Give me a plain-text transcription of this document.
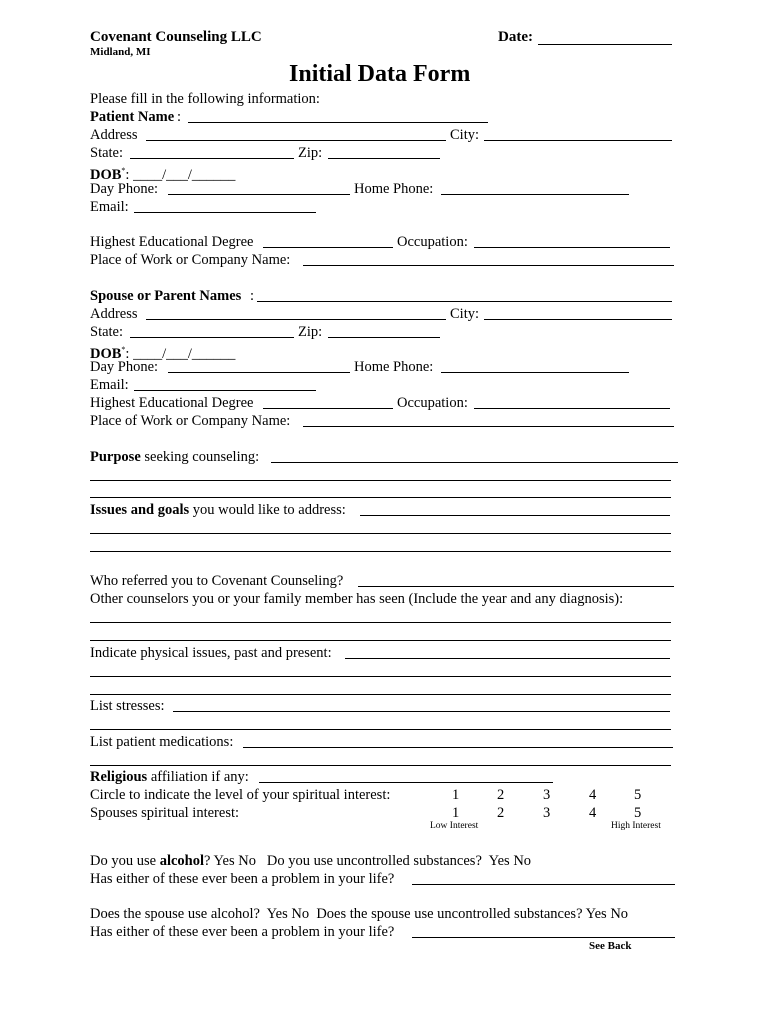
Covenant Counseling LLC
Midland, MI
Date:
Initial Data Form
Please fill in the following information:
Patient Name :
Address	City:
State:	Zip:
DOB*: ____/___/______
Day Phone:	Home Phone:
Email:
Highest Educational Degree	Occupation:
Place of Work or Company Name:
Spouse or Parent Names :
Address	City:
State:	Zip:
DOB*: ____/___/______
Day Phone:	Home Phone:
Email:
Highest Educational Degree	Occupation:
Place of Work or Company Name:
Purpose seeking counseling:
Issues and goals you would like to address:
Who referred you to Covenant Counseling?
Other counselors you or your family member has seen (Include the year and any diagnosis):
Indicate physical issues, past and present:
List stresses:
List patient medications:
Religious affiliation if any:
Circle to indicate the level of your spiritual interest:	1	2	3	4	5
Spouses spiritual interest:	1	2	3	4	5
Low Interest	High Interest
Do you use alcohol? Yes No   Do you use uncontrolled substances?  Yes No
Has either of these ever been a problem in your life?
Does the spouse use alcohol?  Yes No  Does the spouse use uncontrolled substances? Yes No
Has either of these ever been a problem in your life?
See Back
